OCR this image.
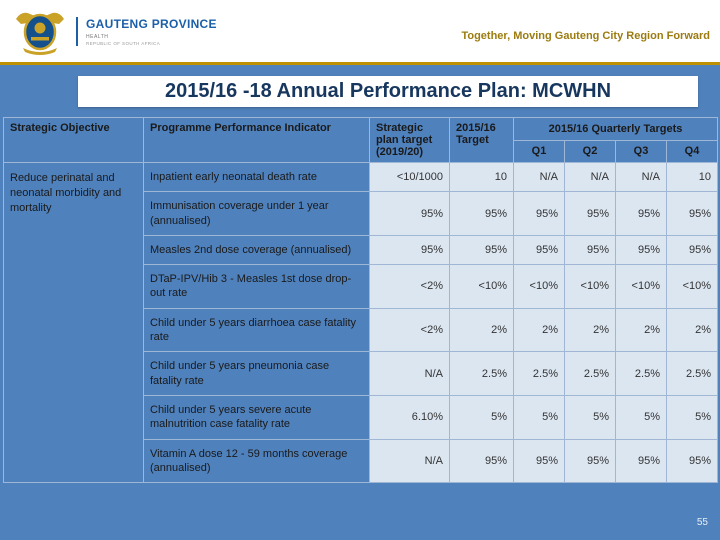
GAUTENG PROVINCE
HEALTH
REPUBLIC OF SOUTH AFRICA
Together, Moving Gauteng City Region Forward
2015/16 -18 Annual Performance Plan: MCWHN
Strategic Objective	Programme Performance Indicator	Strategic plan target (2019/20)	2015/16 Target	2015/16 Quarterly Targets			
				Q1	Q2	Q3	Q4
Reduce perinatal and neonatal morbidity and mortality	Inpatient early neonatal death rate	<10/1000	10	N/A	N/A	N/A	10
	Immunisation coverage under 1 year (annualised)	95%	95%	95%	95%	95%	95%
	Measles 2nd dose coverage (annualised)	95%	95%	95%	95%	95%	95%
	DTaP-IPV/Hib 3 - Measles 1st dose drop-out rate	<2%	<10%	<10%	<10%	<10%	<10%
	Child under 5 years diarrhoea case fatality rate	<2%	2%	2%	2%	2%	2%
	Child under 5 years pneumonia case fatality rate	N/A	2.5%	2.5%	2.5%	2.5%	2.5%
	Child under 5 years severe acute malnutrition case fatality rate	6.10%	5%	5%	5%	5%	5%
	Vitamin A dose 12 - 59 months coverage (annualised)	N/A	95%	95%	95%	95%	95%
55
